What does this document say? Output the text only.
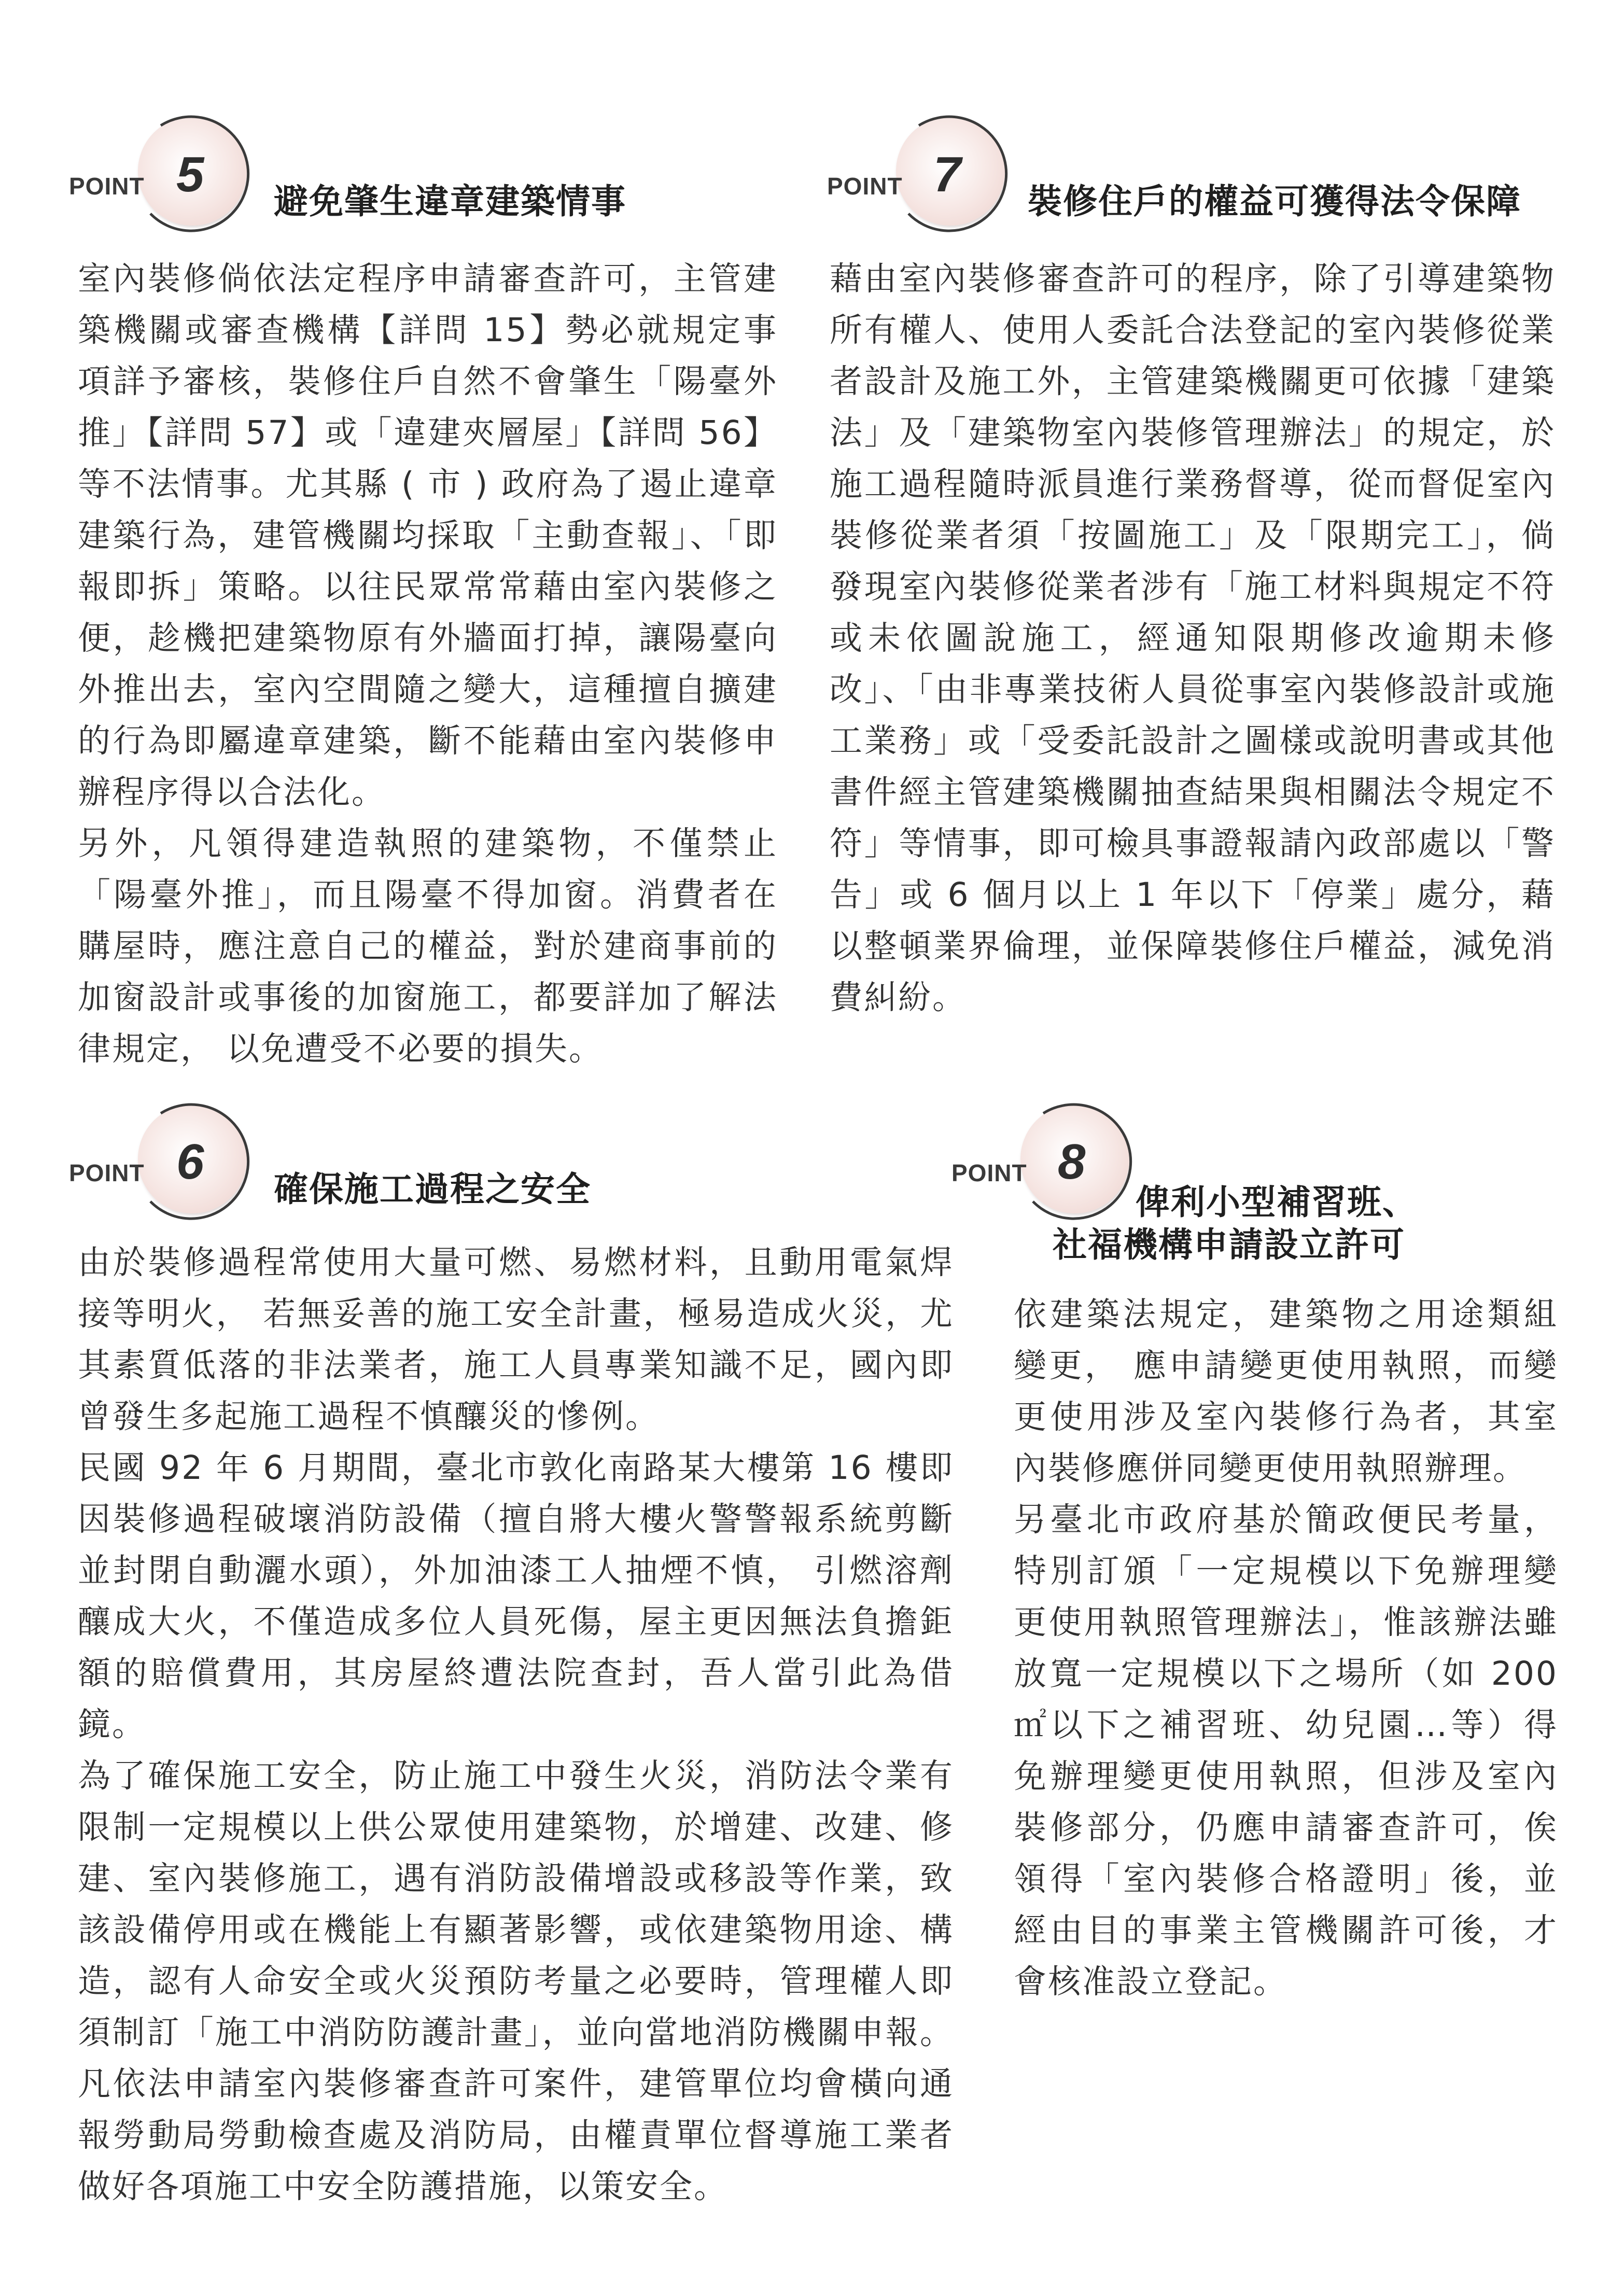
POINT 5 避免肇生違章建築情事

室內裝修倘依法定程序申請審查許可，主管建築機關或審查機構【詳問 15】勢必就規定事項詳予審核，裝修住戶自然不會肇生「陽臺外推」【詳問 57】或「違建夾層屋」【詳問 56】等不法情事。尤其縣 ( 市 ) 政府為了遏止違章建築行為，建管機關均採取「主動查報」、「即報即拆」策略。以往民眾常常藉由室內裝修之便，趁機把建築物原有外牆面打掉，讓陽臺向外推出去，室內空間隨之變大，這種擅自擴建的行為即屬違章建築，斷不能藉由室內裝修申辦程序得以合法化。

另外，凡領得建造執照的建築物，不僅禁止「陽臺外推」，而且陽臺不得加窗。消費者在購屋時，應注意自己的權益，對於建商事前的加窗設計或事後的加窗施工，都要詳加了解法律規定， 以免遭受不必要的損失。

POINT 7 裝修住戶的權益可獲得法令保障

藉由室內裝修審查許可的程序，除了引導建築物所有權人、使用人委託合法登記的室內裝修從業者設計及施工外，主管建築機關更可依據「建築法」及「建築物室內裝修管理辦法」的規定，於施工過程隨時派員進行業務督導，從而督促室內裝修從業者須「按圖施工」及「限期完工」，倘發現室內裝修從業者涉有「施工材料與規定不符或未依圖說施工，經通知限期修改逾期未修改」、「由非專業技術人員從事室內裝修設計或施工業務」或「受委託設計之圖樣或說明書或其他書件經主管建築機關抽查結果與相關法令規定不符」等情事，即可檢具事證報請內政部處以「警告」或 6 個月以上 1 年以下「停業」處分，藉以整頓業界倫理，並保障裝修住戶權益，減免消費糾紛。

POINT 6 確保施工過程之安全

由於裝修過程常使用大量可燃、易燃材料，且動用電氣焊接等明火， 若無妥善的施工安全計畫，極易造成火災，尤其素質低落的非法業者，施工人員專業知識不足，國內即曾發生多起施工過程不慎釀災的慘例。

民國 92 年 6 月期間，臺北市敦化南路某大樓第 16 樓即因裝修過程破壞消防設備（擅自將大樓火警警報系統剪斷並封閉自動灑水頭），外加油漆工人抽煙不慎， 引燃溶劑釀成大火，不僅造成多位人員死傷，屋主更因無法負擔鉅額的賠償費用，其房屋終遭法院查封，吾人當引此為借鏡。

為了確保施工安全，防止施工中發生火災，消防法令業有限制一定規模以上供公眾使用建築物，於增建、改建、修建、室內裝修施工，遇有消防設備增設或移設等作業，致該設備停用或在機能上有顯著影響，或依建築物用途、構造，認有人命安全或火災預防考量之必要時，管理權人即須制訂「施工中消防防護計畫」，並向當地消防機關申報。凡依法申請室內裝修審查許可案件，建管單位均會橫向通報勞動局勞動檢查處及消防局，由權責單位督導施工業者做好各項施工中安全防護措施，以策安全。

POINT 8
俾利小型補習班、
社福機構申請設立許可

依建築法規定，建築物之用途類組變更， 應申請變更使用執照，而變更使用涉及室內裝修行為者，其室內裝修應併同變更使用執照辦理。

另臺北市政府基於簡政便民考量，特別訂頒「一定規模以下免辦理變更使用執照管理辦法」，惟該辦法雖放寬一定規模以下之場所（如 200 ㎡以下之補習班、幼兒園…等）得免辦理變更使用執照，但涉及室內裝修部分，仍應申請審查許可，俟領得「室內裝修合格證明」後，並經由目的事業主管機關許可後，才會核准設立登記。
